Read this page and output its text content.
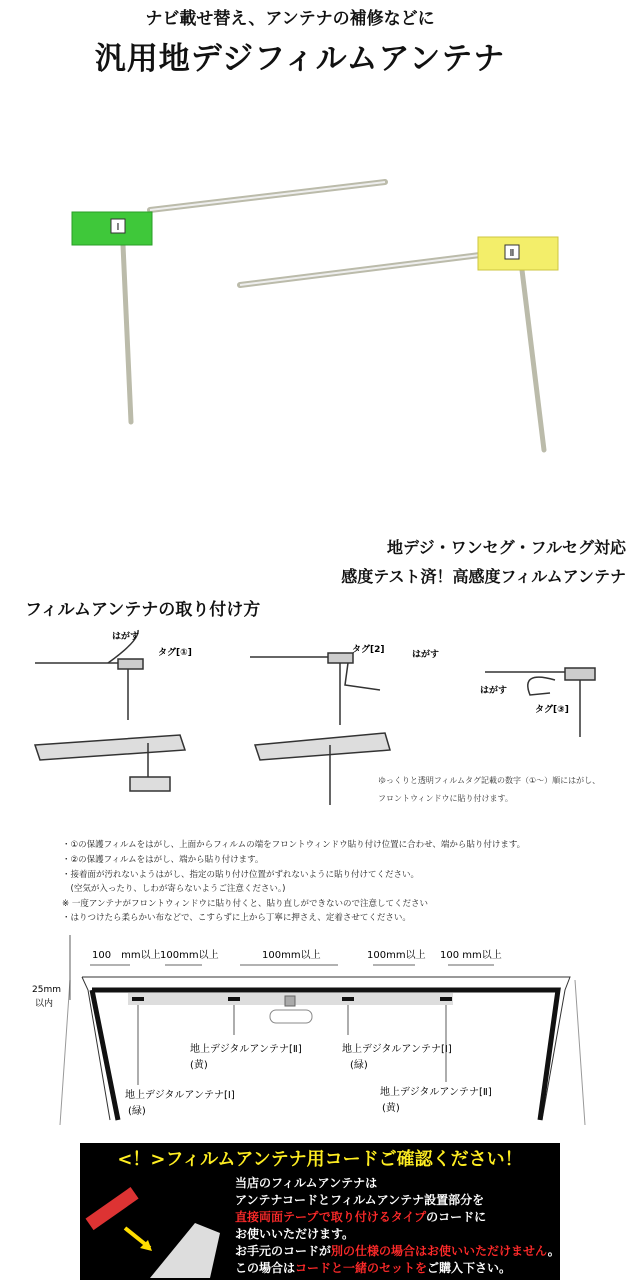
ナビ載せ替え、アンテナの補修などに
汎用地デジフィルムアンテナ
Ⅰ
Ⅱ
地デジ・ワンセグ・フルセグ対応
感度テスト済！高感度フィルムアンテナ
フィルムアンテナの取り付け方
はがす
タグ[①]	タグ[2]	はがす
はがす
タグ[③]
ゆっくりと透明フィルムタグ記載の数字（①～）順にはがし、
フロントウィンドウに貼り付けます。
・①の保護フィルムをはがし、上面からフィルムの端をフロントウィンドウ貼り付け位置に合わせ、端から貼り付けます。
・②の保護フィルムをはがし、端から貼り付けます。
・接着面が汚れないようはがし、指定の貼り付け位置がずれないように貼り付けてください。
　(空気が入ったり、しわが寄らないようご注意ください。)
※ 一度アンテナがフロントウィンドウに貼り付くと、貼り直しができないので注意してください
・はりつけたら柔らかい布などで、こすらずに上から丁寧に押さえ、定着させてください。
100　mm以上 100mm以上	100mm以上	100mm以上 100 mm以上
25mm
以内
地上デジタルアンテナ[Ⅰ]
(緑)
地上デジタルアンテナ[Ⅱ]
(黄)
地上デジタルアンテナ[Ⅰ]
(緑)
地上デジタルアンテナ[Ⅱ]
(黄)
<！>フィルムアンテナ用コードご確認ください！
当店のフィルムアンテナは
アンテナコードとフィルムアンテナ設置部分を
直接両面テープで取り付けるタイプのコードに
お使いいただけます。
お手元のコードが別の仕様の場合はお使いいただけません。
この場合はコードと一緒のセットをご購入下さい。
